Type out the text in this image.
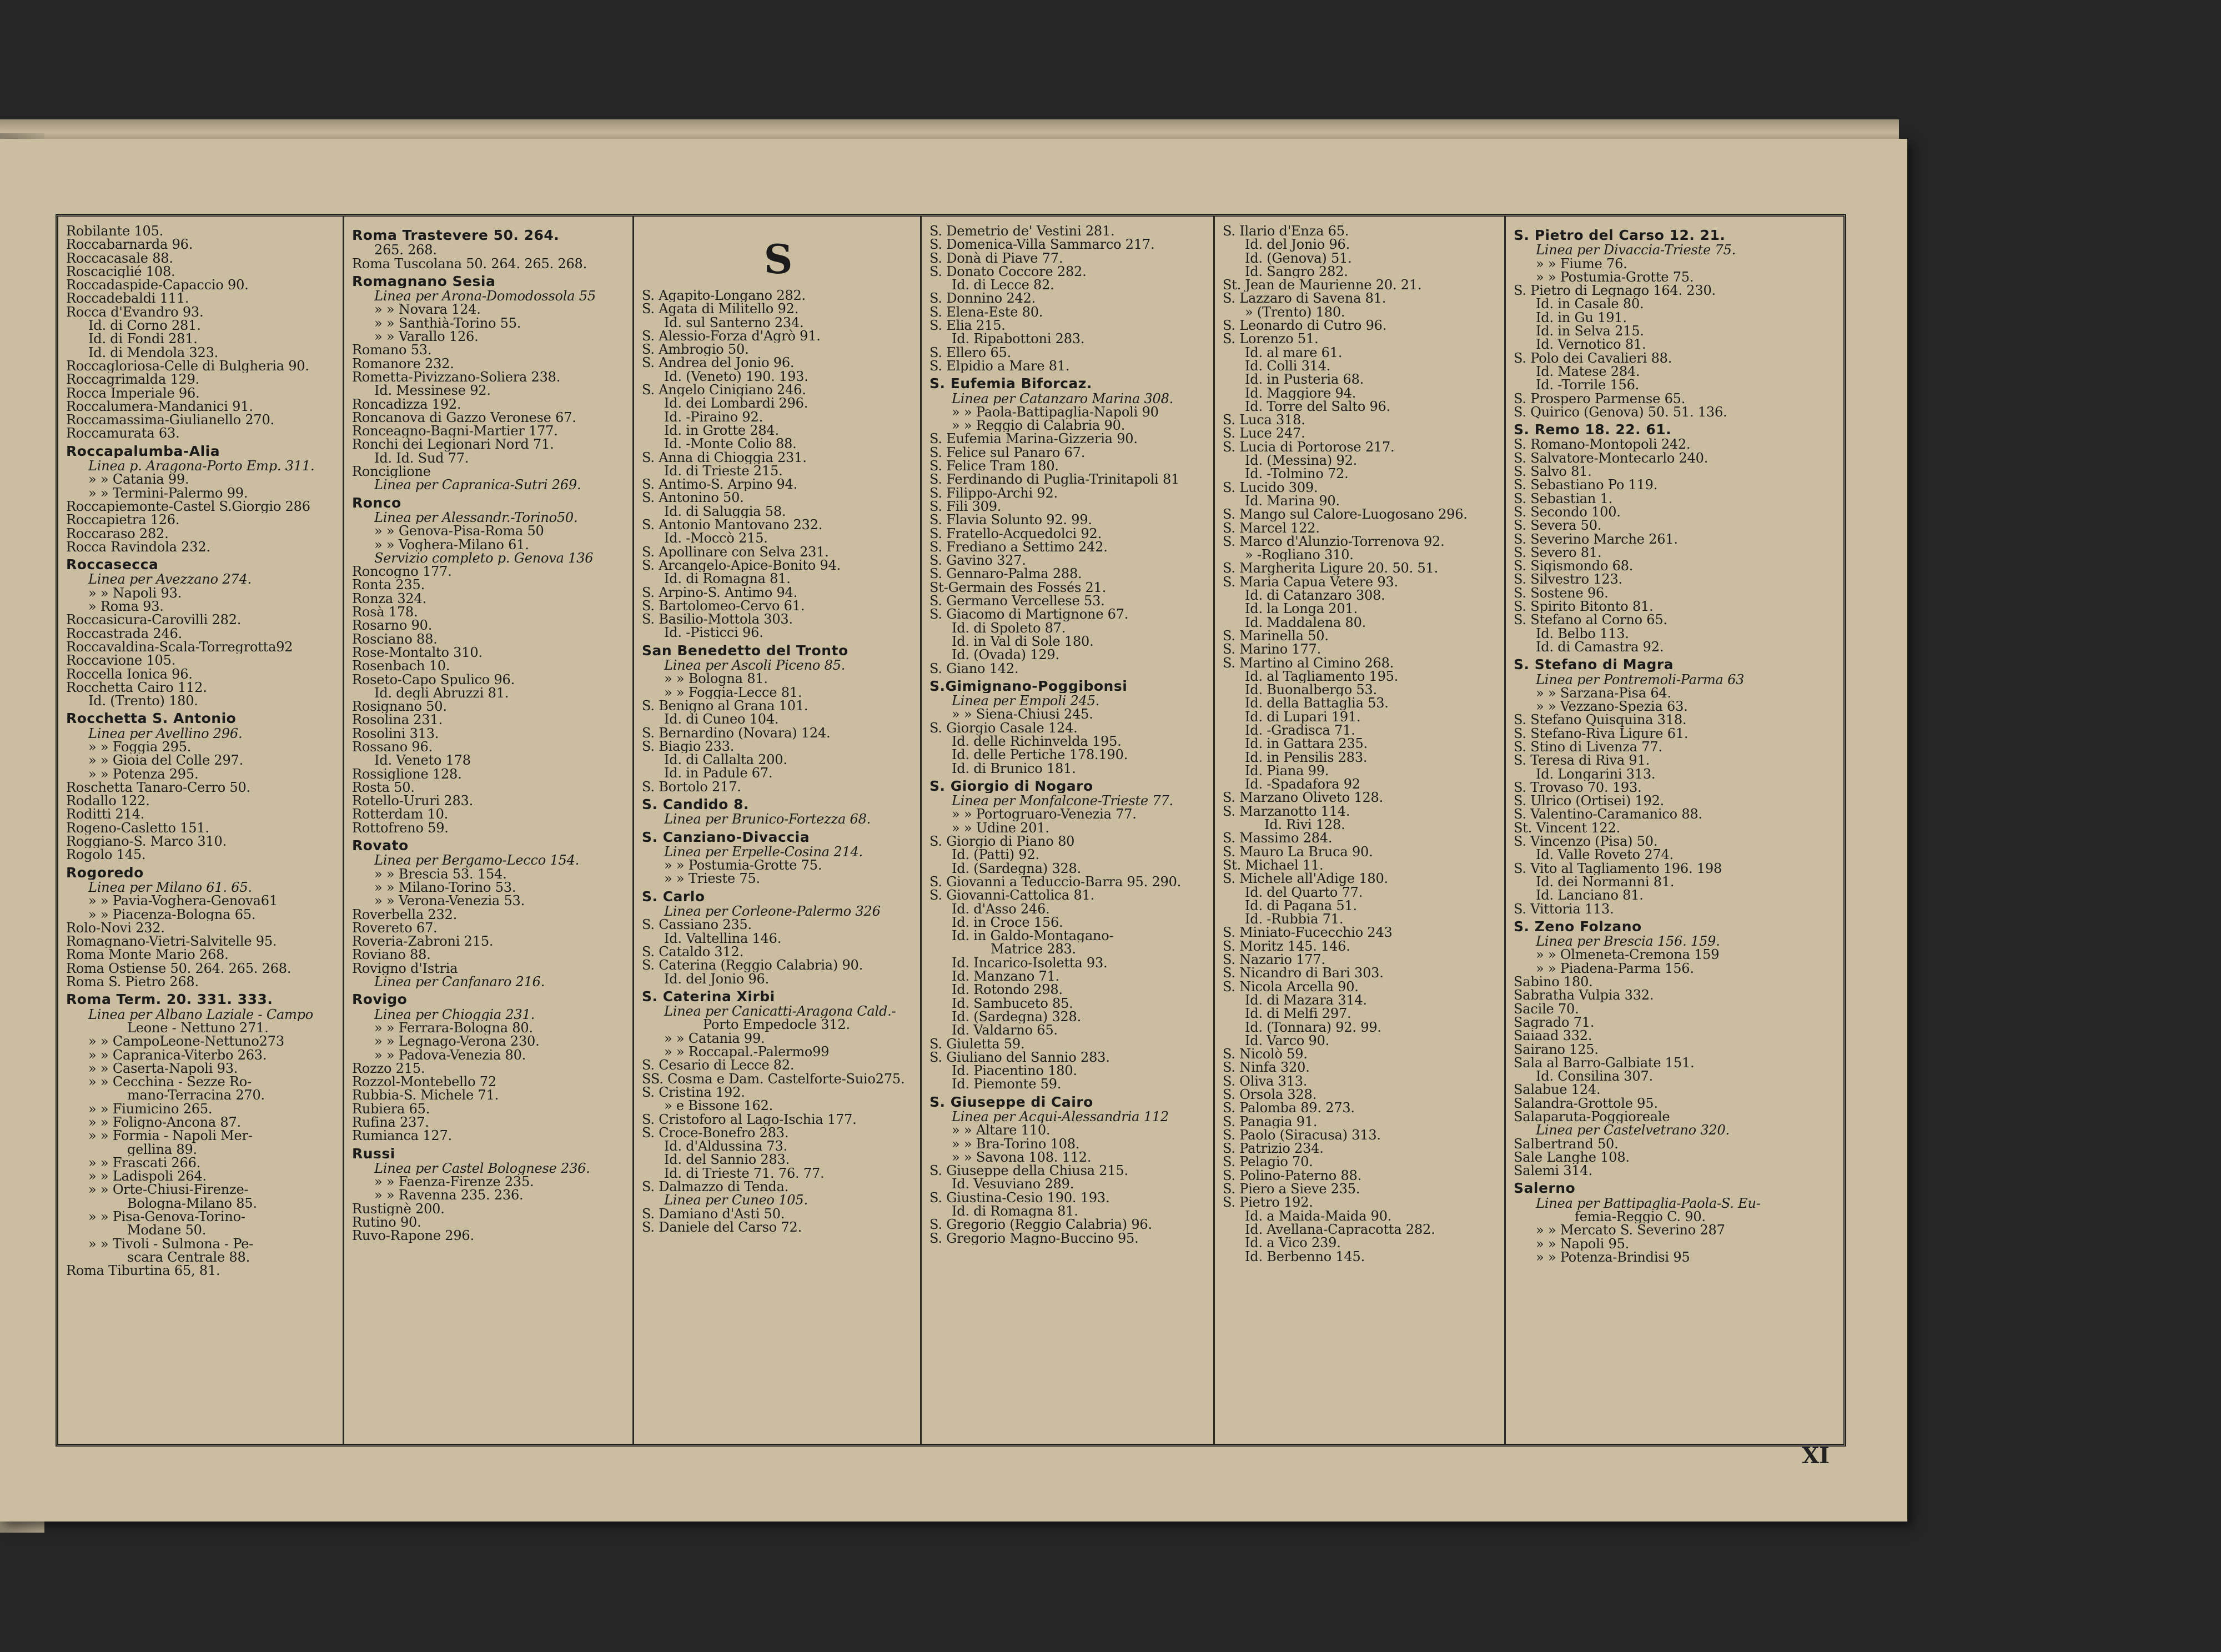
Robilante 105.
Roccabarnarda 96.
Roccacasale 88.
Roscaciglié 108.
Roccadaspide-Capaccio 90.
Roccadebaldi 111.
Rocca d'Evandro 93.
Id. di Corno 281.
Id. di Fondi 281.
Id. di Mendola 323.
Roccagloriosa-Celle di Bulgheria 90.
Roccagrimalda 129.
Rocca Imperiale 96.
Roccalumera-Mandanici 91.
Roccamassima-Giulianello 270.
Roccamurata 63.
Roccapalumba-Alia
Linea p. Aragona-Porto Emp. 311.
» » Catania 99.
» » Termini-Palermo 99.
Roccapiemonte-Castel S.Giorgio 286
Roccapietra 126.
Roccaraso 282.
Rocca Ravindola 232.
Roccasecca
Linea per Avezzano 274.
» » Napoli 93.
» Roma 93.
Roccasicura-Carovilli 282.
Roccastrada 246.
Roccavaldina-Scala-Torregrotta92
Roccavione 105.
Roccella Ionica 96.
Rocchetta Cairo 112.
Id. (Trento) 180.
Rocchetta S. Antonio
Linea per Avellino 296.
» » Foggia 295.
» » Gioia del Colle 297.
» » Potenza 295.
Roschetta Tanaro-Cerro 50.
Rodallo 122.
Roditti 214.
Rogeno-Casletto 151.
Roggiano-S. Marco 310.
Rogolo 145.
Rogoredo
Linea per Milano 61. 65.
» » Pavia-Voghera-Genova61
» » Piacenza-Bologna 65.
Rolo-Novi 232.
Romagnano-Vietri-Salvitelle 95.
Roma Monte Mario 268.
Roma Ostiense 50. 264. 265. 268.
Roma S. Pietro 268.
Roma Term. 20. 331. 333.
Linea per Albano Laziale - Campo
Leone - Nettuno 271.
» » CampoLeone-Nettuno273
» » Capranica-Viterbo 263.
» » Caserta-Napoli 93.
» » Cecchina - Sezze Ro-
mano-Terracina 270.
» » Fiumicino 265.
» » Foligno-Ancona 87.
» » Formia - Napoli Mer-
gellina 89.
» » Frascati 266.
» » Ladispoli 264.
» » Orte-Chiusi-Firenze-
Bologna-Milano 85.
» » Pisa-Genova-Torino-
Modane 50.
» » Tivoli - Sulmona - Pe-
scara Centrale 88.
Roma Tiburtina 65, 81.
Roma Trastevere 50. 264.
265. 268.
Roma Tuscolana 50. 264. 265. 268.
Romagnano Sesia
Linea per Arona-Domodossola 55
» » Novara 124.
» » Santhià-Torino 55.
» » Varallo 126.
Romano 53.
Romanore 232.
Rometta-Pivizzano-Soliera 238.
Id. Messinese 92.
Roncadizza 192.
Roncanova di Gazzo Veronese 67.
Ronceagno-Bagni-Martier 177.
Ronchi dei Legionari Nord 71.
Id. Id. Sud 77.
Ronciglione
Linea per Capranica-Sutri 269.
Ronco
Linea per Alessandr.-Torino50.
» » Genova-Pisa-Roma 50
» » Voghera-Milano 61.
Servizio completo p. Genova 136
Roncogno 177.
Ronta 235.
Ronza 324.
Rosà 178.
Rosarno 90.
Rosciano 88.
Rose-Montalto 310.
Rosenbach 10.
Roseto-Capo Spulico 96.
Id. degli Abruzzi 81.
Rosignano 50.
Rosolina 231.
Rosolini 313.
Rossano 96.
Id. Veneto 178
Rossiglione 128.
Rosta 50.
Rotello-Ururi 283.
Rotterdam 10.
Rottofreno 59.
Rovato
Linea per Bergamo-Lecco 154.
» » Brescia 53. 154.
» » Milano-Torino 53.
» » Verona-Venezia 53.
Roverbella 232.
Rovereto 67.
Roveria-Zabroni 215.
Roviano 88.
Rovigno d'Istria
Linea per Canfanaro 216.
Rovigo
Linea per Chioggia 231.
» » Ferrara-Bologna 80.
» » Legnago-Verona 230.
» » Padova-Venezia 80.
Rozzo 215.
Rozzol-Montebello 72
Rubbia-S. Michele 71.
Rubiera 65.
Rufina 237.
Rumianca 127.
Russi
Linea per Castel Bolognese 236.
» » Faenza-Firenze 235.
» » Ravenna 235. 236.
Rustignè 200.
Rutino 90.
Ruvo-Rapone 296.
S
S. Agapito-Longano 282.
S. Agata di Militello 92.
Id. sul Santerno 234.
S. Alessio-Forza d'Agrò 91.
S. Ambrogio 50.
S. Andrea del Jonio 96.
Id. (Veneto) 190. 193.
S. Angelo Cinigiano 246.
Id. dei Lombardi 296.
Id. -Piraino 92.
Id. in Grotte 284.
Id. -Monte Colio 88.
S. Anna di Chioggia 231.
Id. di Trieste 215.
S. Antimo-S. Arpino 94.
S. Antonino 50.
Id. di Saluggia 58.
S. Antonio Mantovano 232.
Id. -Moccò 215.
S. Apollinare con Selva 231.
S. Arcangelo-Apice-Bonito 94.
Id. di Romagna 81.
S. Arpino-S. Antimo 94.
S. Bartolomeo-Cervo 61.
S. Basilio-Mottola 303.
Id. -Pisticci 96.
San Benedetto del Tronto
Linea per Ascoli Piceno 85.
» » Bologna 81.
» » Foggia-Lecce 81.
S. Benigno al Grana 101.
Id. di Cuneo 104.
S. Bernardino (Novara) 124.
S. Biagio 233.
Id. di Callalta 200.
Id. in Padule 67.
S. Bortolo 217.
S. Candido 8.
Linea per Brunico-Fortezza 68.
S. Canziano-Divaccia
Linea per Erpelle-Cosina 214.
» » Postumia-Grotte 75.
» » Trieste 75.
S. Carlo
Linea per Corleone-Palermo 326
S. Cassiano 235.
Id. Valtellina 146.
S. Cataldo 312.
S. Caterina (Reggio Calabria) 90.
Id. del Jonio 96.
S. Caterina Xirbi
Linea per Canicatti-Aragona Cald.-
Porto Empedocle 312.
» » Catania 99.
» » Roccapal.-Palermo99
S. Cesario di Lecce 82.
SS. Cosma e Dam. Castelforte-Suio275.
S. Cristina 192.
» e Bissone 162.
S. Cristoforo al Lago-Ischia 177.
S. Croce-Bonefro 283.
Id. d'Aldussina 73.
Id. del Sannio 283.
Id. di Trieste 71. 76. 77.
S. Dalmazzo di Tenda.
Linea per Cuneo 105.
S. Damiano d'Asti 50.
S. Daniele del Carso 72.
S. Demetrio de' Vestini 281.
S. Domenica-Villa Sammarco 217.
S. Donà di Piave 77.
S. Donato Coccore 282.
Id. di Lecce 82.
S. Donnino 242.
S. Elena-Este 80.
S. Elia 215.
Id. Ripabottoni 283.
S. Ellero 65.
S. Elpidio a Mare 81.
S. Eufemia Biforcaz.
Linea per Catanzaro Marina 308.
» » Paola-Battipaglia-Napoli 90
» » Reggio di Calabria 90.
S. Eufemia Marina-Gizzeria 90.
S. Felice sul Panaro 67.
S. Felice Tram 180.
S. Ferdinando di Puglia-Trinitapoli 81
S. Filippo-Archi 92.
S. Fili 309.
S. Flavia Solunto 92. 99.
S. Fratello-Acquedolci 92.
S. Frediano a Settimo 242.
S. Gavino 327.
S. Gennaro-Palma 288.
St-Germain des Fossés 21.
S. Germano Vercellese 53.
S. Giacomo di Martignone 67.
Id. di Spoleto 87.
Id. in Val di Sole 180.
Id. (Ovada) 129.
S. Giano 142.
S.Gimignano-Poggibonsi
Linea per Empoli 245.
» » Siena-Chiusi 245.
S. Giorgio Casale 124.
Id. delle Richinvelda 195.
Id. delle Pertiche 178.190.
Id. di Brunico 181.
S. Giorgio di Nogaro
Linea per Monfalcone-Trieste 77.
» » Portogruaro-Venezia 77.
» » Udine 201.
S. Giorgio di Piano 80
Id. (Patti) 92.
Id. (Sardegna) 328.
S. Giovanni a Teduccio-Barra 95. 290.
S. Giovanni-Cattolica 81.
Id. d'Asso 246.
Id. in Croce 156.
Id. in Galdo-Montagano-
Matrice 283.
Id. Incarico-Isoletta 93.
Id. Manzano 71.
Id. Rotondo 298.
Id. Sambuceto 85.
Id. (Sardegna) 328.
Id. Valdarno 65.
S. Giuletta 59.
S. Giuliano del Sannio 283.
Id. Piacentino 180.
Id. Piemonte 59.
S. Giuseppe di Cairo
Linea per Acqui-Alessandria 112
» » Altare 110.
» » Bra-Torino 108.
» » Savona 108. 112.
S. Giuseppe della Chiusa 215.
Id. Vesuviano 289.
S. Giustina-Cesio 190. 193.
Id. di Romagna 81.
S. Gregorio (Reggio Calabria) 96.
S. Gregorio Magno-Buccino 95.
S. Ilario d'Enza 65.
Id. del Jonio 96.
Id. (Genova) 51.
Id. Sangro 282.
St. Jean de Maurienne 20. 21.
S. Lazzaro di Savena 81.
» (Trento) 180.
S. Leonardo di Cutro 96.
S. Lorenzo 51.
Id. al mare 61.
Id. Colli 314.
Id. in Pusteria 68.
Id. Maggiore 94.
Id. Torre del Salto 96.
S. Luca 318.
S. Luce 247.
S. Lucia di Portorose 217.
Id. (Messina) 92.
Id. -Tolmino 72.
S. Lucido 309.
Id. Marina 90.
S. Mango sul Calore-Luogosano 296.
S. Marcel 122.
S. Marco d'Alunzio-Torrenova 92.
» -Rogliano 310.
S. Margherita Ligure 20. 50. 51.
S. Maria Capua Vetere 93.
Id. di Catanzaro 308.
Id. la Longa 201.
Id. Maddalena 80.
S. Marinella 50.
S. Marino 177.
S. Martino al Cimino 268.
Id. al Tagliamento 195.
Id. Buonalbergo 53.
Id. della Battaglia 53.
Id. di Lupari 191.
Id. -Gradisca 71.
Id. in Gattara 235.
Id. in Pensilis 283.
Id. Piana 99.
Id. -Spadafora 92
S. Marzano Oliveto 128.
S. Marzanotto 114.
Id. Rivi 128.
S. Massimo 284.
S. Mauro La Bruca 90.
St. Michael 11.
S. Michele all'Adige 180.
Id. del Quarto 77.
Id. di Pagana 51.
Id. -Rubbia 71.
S. Miniato-Fucecchio 243
S. Moritz 145. 146.
S. Nazario 177.
S. Nicandro di Bari 303.
S. Nicola Arcella 90.
Id. di Mazara 314.
Id. di Melfi 297.
Id. (Tonnara) 92. 99.
Id. Varco 90.
S. Nicolò 59.
S. Ninfa 320.
S. Oliva 313.
S. Orsola 328.
S. Palomba 89. 273.
S. Panagia 91.
S. Paolo (Siracusa) 313.
S. Patrizio 234.
S. Pelagio 70.
S. Polino-Paterno 88.
S. Piero a Sieve 235.
S. Pietro 192.
Id. a Maida-Maida 90.
Id. Avellana-Capracotta 282.
Id. a Vico 239.
Id. Berbenno 145.
S. Pietro del Carso 12. 21.
Linea per Divaccia-Trieste 75.
» » Fiume 76.
» » Postumia-Grotte 75.
S. Pietro di Legnago 164. 230.
Id. in Casale 80.
Id. in Gu 191.
Id. in Selva 215.
Id. Vernotico 81.
S. Polo dei Cavalieri 88.
Id. Matese 284.
Id. -Torrile 156.
S. Prospero Parmense 65.
S. Quirico (Genova) 50. 51. 136.
S. Remo 18. 22. 61.
S. Romano-Montopoli 242.
S. Salvatore-Montecarlo 240.
S. Salvo 81.
S. Sebastiano Po 119.
S. Sebastian 1.
S. Secondo 100.
S. Severa 50.
S. Severino Marche 261.
S. Severo 81.
S. Sigismondo 68.
S. Silvestro 123.
S. Sostene 96.
S. Spirito Bitonto 81.
S. Stefano al Corno 65.
Id. Belbo 113.
Id. di Camastra 92.
S. Stefano di Magra
Linea per Pontremoli-Parma 63
» » Sarzana-Pisa 64.
» » Vezzano-Spezia 63.
S. Stefano Quisquina 318.
S. Stefano-Riva Ligure 61.
S. Stino di Livenza 77.
S. Teresa di Riva 91.
Id. Longarini 313.
S. Trovaso 70. 193.
S. Ulrico (Ortisei) 192.
S. Valentino-Caramanico 88.
St. Vincent 122.
S. Vincenzo (Pisa) 50.
Id. Valle Roveto 274.
S. Vito al Tagliamento 196. 198
Id. dei Normanni 81.
Id. Lanciano 81.
S. Vittoria 113.
S. Zeno Folzano
Linea per Brescia 156. 159.
» » Olmeneta-Cremona 159
» » Piadena-Parma 156.
Sabino 180.
Sabratha Vulpia 332.
Sacile 70.
Sagrado 71.
Saiaad 332.
Sairano 125.
Sala al Barro-Galbiate 151.
Id. Consilina 307.
Salabue 124.
Salandra-Grottole 95.
Salaparuta-Poggioreale
Linea per Castelvetrano 320.
Salbertrand 50.
Sale Langhe 108.
Salemi 314.
Salerno
Linea per Battipaglia-Paola-S. Eu-
femia-Reggio C. 90.
» » Mercato S. Severino 287
» » Napoli 95.
» » Potenza-Brindisi 95
XI
